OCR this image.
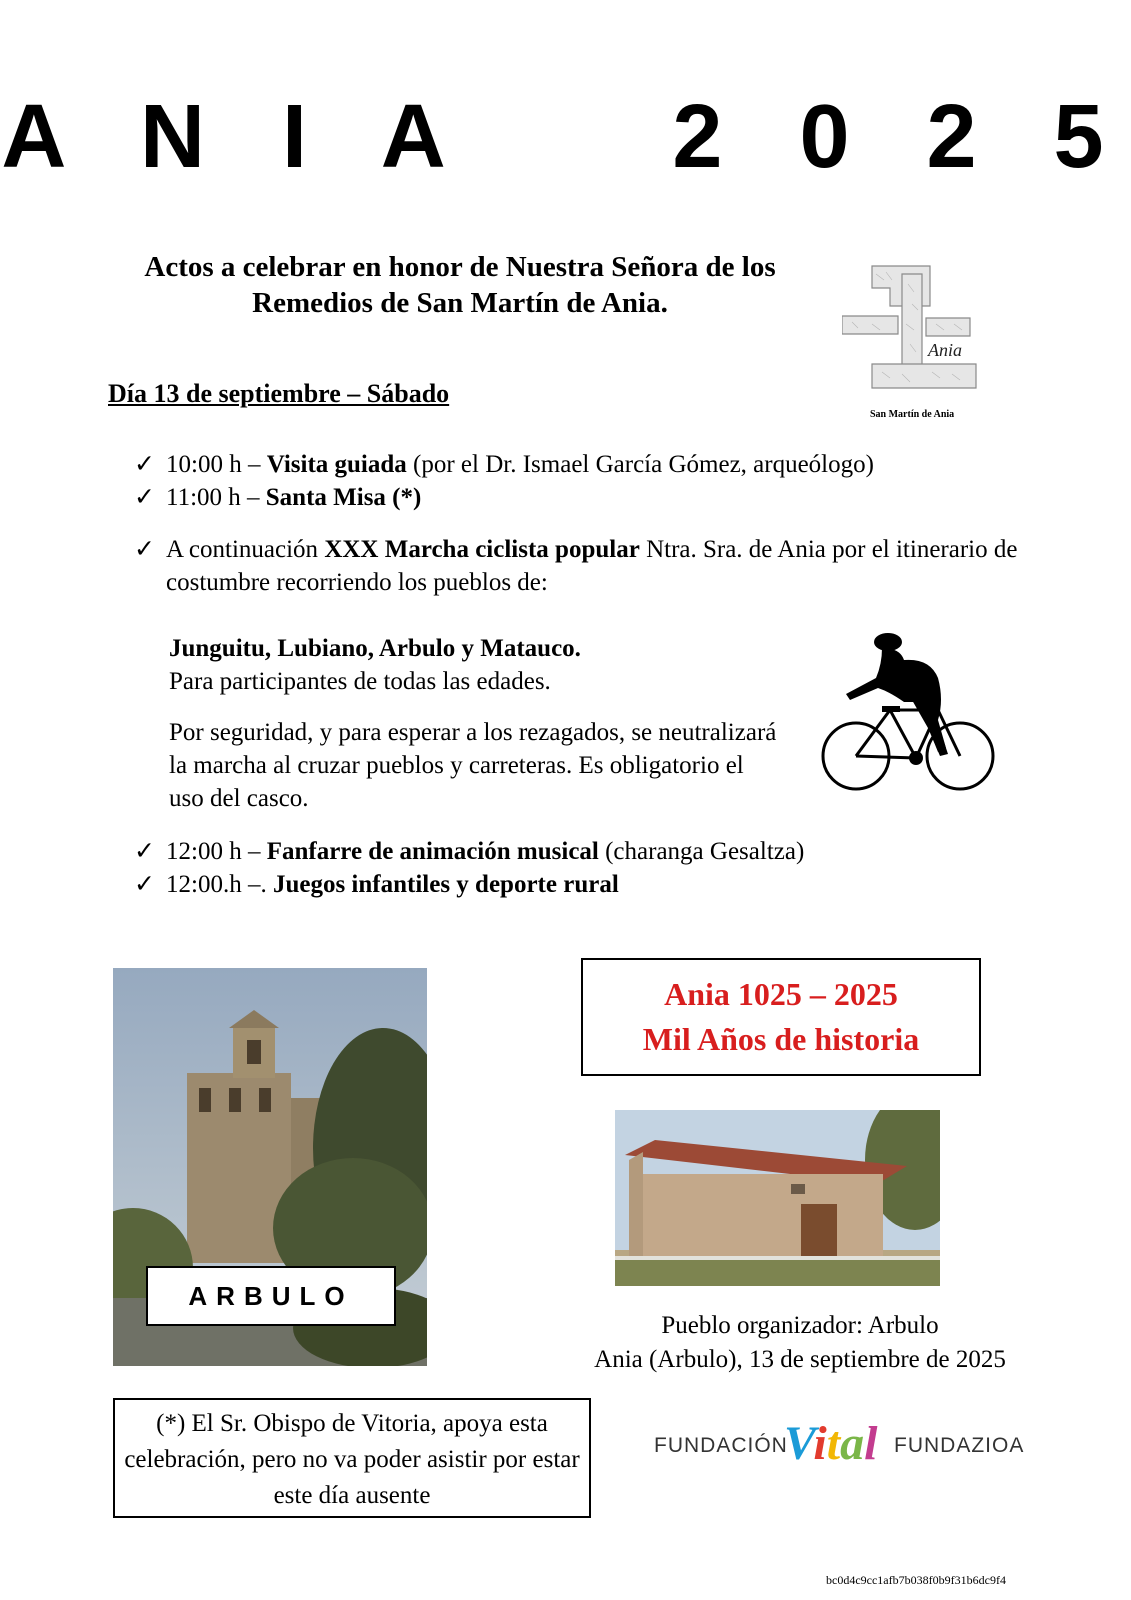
A N I A    2 0 2 5
Actos a celebrar en honor de Nuestra Señora de los Remedios de San Martín de Ania.
Ania
San Martín de Ania
Día 13 de septiembre – Sábado
✓ 10:00 h – Visita guiada (por el Dr. Ismael García Gómez, arqueólogo)
✓ 11:00 h – Santa Misa (*)
✓ A continuación XXX Marcha ciclista popular Ntra. Sra. de Ania por el itinerario de costumbre recorriendo los pueblos de:
Junguitu, Lubiano, Arbulo y Matauco.
Para participantes de todas las edades.
Por seguridad, y para esperar a los rezagados, se neutralizará la marcha al cruzar pueblos y carreteras. Es obligatorio el uso del casco.
✓ 12:00 h – Fanfarre de animación musical (charanga Gesaltza)
✓ 12:00.h –. Juegos infantiles y deporte rural
ARBULO
Ania 1025 – 2025
Mil Años de historia
Pueblo organizador: Arbulo
Ania (Arbulo), 13 de septiembre de 2025
(*) El Sr. Obispo de Vitoria, apoya esta celebración, pero no va poder asistir por estar este día ausente
FUNDACIÓN
Vital FUNDAZIOA
bc0d4c9cc1afb7b038f0b9f31b6dc9f4
